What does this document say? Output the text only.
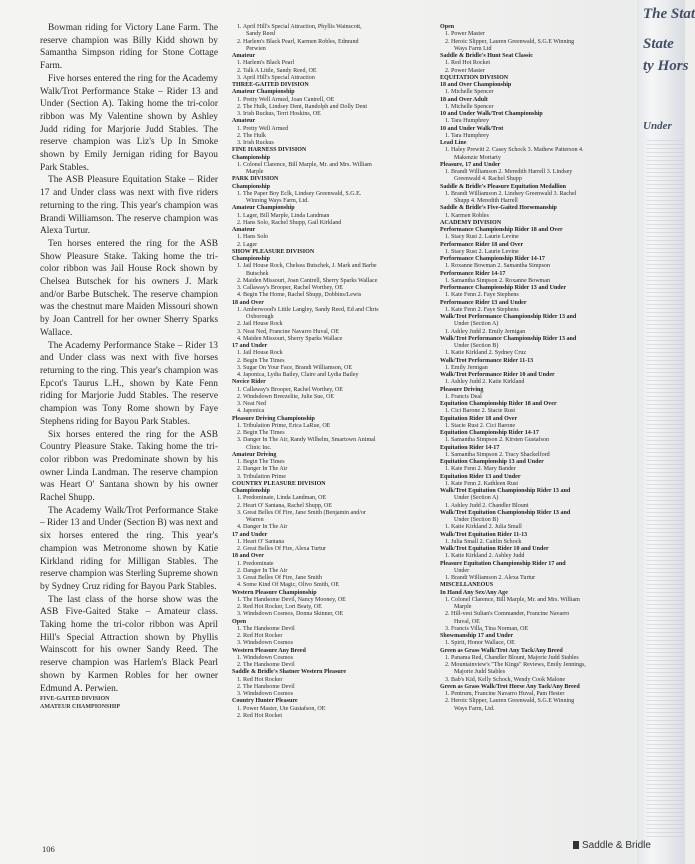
Bowman riding for Victory Lane Farm. The reserve champion was Billy Kidd shown by Samantha Simpson riding for Stone Cottage Farm.

Five horses entered the ring for the Academy Walk/Trot Performance Stake – Rider 13 and Under (Section A). Taking home the tri-color ribbon was My Valentine shown by Ashley Judd riding for Marjorie Judd Stables. The reserve champion was Liz's Up In Smoke shown by Emily Jernigan riding for Bayou Park Stables.

The ASB Pleasure Equitation Stake – Rider 17 and Under class was next with five riders returning to the ring. This year's champion was Brandi Williamson. The reserve champion was Alexa Turtur.

Ten horses entered the ring for the ASB Show Pleasure Stake. Taking home the tri-color ribbon was Jail House Rock shown by Chelsea Butschek for his owners J. Mark and/or Barbe Butschek. The reserve champion was the chestnut mare Maiden Missouri shown by Joan Cantrell for her owner Sherry Sparks Wallace.

The Academy Performance Stake – Rider 13 and Under class was next with five horses returning to the ring. This year's champion was Epcot's Taurus L.H., shown by Kate Fenn riding for Marjorie Judd Stables. The reserve champion was Tony Rome shown by Faye Stephens riding for Bayou Park Stables.

Six horses entered the ring for the ASB Country Pleasure Stake. Taking home the tri-color ribbon was Predominate shown by his owner Linda Landman. The reserve champion was Heart O' Santana shown by his owner Rachel Shupp.

The Academy Walk/Trot Performance Stake – Rider 13 and Under (Section B) was next and six horses entered the ring. This year's champion was Metronome shown by Katie Kirkland riding for Milligan Stables. The reserve champion was Sterling Supreme shown by Sydney Cruz riding for Bayou Park Stables.

The last class of the horse show was the ASB Five-Gaited Stake – Amateur class. Taking home the tri-color ribbon was April Hill's Special Attraction shown by Phyllis Wainscott for his owner Sandy Reed. The reserve champion was Harlem's Black Pearl shown by Karmen Robles for her owner Edmund A. Perwien.

FIVE-GAITED DIVISION

AMATEUR CHAMPIONSHIP

1. April Hill's Special Attraction, Phyllis Wainscott,
Sandy Reed
2. Harlem's Black Pearl, Karmen Robles, Edmund
Perwien
Amateur
1. Harlem's Black Pearl
2. Talk A Little, Sandy Reed, OE
3. April Hill's Special Attraction
THREE-GAITED DIVISION
Amateur Championship
1. Pretty Well Armed, Joan Cantrell, OE
2. The Hulk, Lindsey Dent, Randolph and Dolly Dent
3. Irish Ruckus, Terri Hoskins, OE
Amateur
1. Pretty Well Armed
2. The Hulk
3. Irish Ruckus
FINE HARNESS DIVISION
Championship
1. Colonel Clarence, Bill Marple, Mr. and Mrs. William
Marple
PARK DIVISION
Championship
1. The Paper Boy Eclk, Lindsey Greenwald, S.G.E.
Winning Ways Farm, Ltd.
Amateur Championship
1. Lager, Bill Marple, Linda Landman
2. Hans Solo, Rachel Shupp, Gail Kirkland
Amateur
1. Hans Solo
2. Lager
SHOW PLEASURE DIVISION
Championship
1. Jail House Rock, Chelsea Butschek, J. Mark and Barbe
Butschek
2. Maiden Missouri, Joan Cantrell, Sherry Sparks Wallace
3. Callaway's Brooper, Rachel Worthey, OE
4. Begin The Home, Rachel Shupp, Dobbins/Lewis
18 and Over
1. Amberwood's Little Langley, Sandy Reed, Ed and Chris
Oxborough
2. Jail House Rock
3. Neat Ned, Francine Navarro Huval, OE
4. Maiden Missouri, Sherry Sparks Wallace
17 and Under
1. Jail House Rock
2. Begin The Times
3. Sugar On Your Face, Brandi Williamson, OE
4. Japonica, Lydia Bailey, Claire and Lydia Bailey
Novice Rider
1. Callaway's Brooper, Rachel Worthey, OE
2. Windsdown Breezelite, Julie Sue, OE
3. Neat Ned
4. Japonica
Pleasure Driving Championship
1. Tribulation Prime, Erica LaRue, OE
2. Begin The Times
3. Danger In The Air, Randy Wilhelm, Smartown Animal
Clinic Inc.
Amateur Driving
1. Begin The Times
2. Danger In The Air
3. Tribulation Prime
COUNTRY PLEASURE DIVISION
Championship
1. Predominate, Linda Landman, OE
2. Heart O' Santana, Rachel Shupp, OE
3. Great Belles Of Fire, Jane Smith (Benjamin and/or
Warren
4. Danger In The Air
17 and Under
1. Heart O' Santana
2. Great Belles Of Fire, Alexa Turtur
18 and Over
1. Predominate
2. Danger In The Air
3. Great Belles Of Fire, Jane Smith
4. Some Kind Of Magic, Olivo Smith, OE
Western Pleasure Championship
1. The Handsome Devil, Nancy Mooney, OE
2. Red Hot Rocker, Lori Beaty, OE
3. Windsdown Cosmos, Donna Skinner, OE
Open
1. The Handsome Devil
2. Red Hot Rocker
3. Windsdown Cosmos
Western Pleasure Any Breed
1. Windsdown Cosmos
2. The Handsome Devil
Saddle & Bridle's Shatner Western Pleasure
1. Red Hot Rocker
2. The Handsome Devil
3. Windsdown Cosmos
Country Hunter Pleasure
1. Power Master, Ute Gustafson, OE
2. Red Hot Rocket
Open
1. Power Master
2. Heroic Slipper, Lauren Greenwald, S.G.E Winning
Ways Farm Ltd
Saddle & Bridle's Hunt Seat Classic
1. Red Hot Rocket
2. Power Master
EQUITATION DIVISION
18 and Over Championship
1. Michelle Spencer
18 and Over Adult
1. Michelle Spencer
10 and Under Walk/Trot Championship
1. Tara Humphrey
10 and Under Walk/Trot
1. Tara Humphrey
Lead Line
1. Haley Prewitt 2. Casey Schock 3. Mathew Patterson 4.
Makenzie Moriarty
Pleasure, 17 and Under
1. Brandi Williamson 2. Meredith Harrell 3. Lindsey
Greenwald 4. Rachel Shupp
Saddle & Bridle's Pleasure Equitation Medallion
1. Brandi Williamson 2. Lindsey Greenwald 3. Rachel
Shupp 4. Meredith Harrell
Saddle & Bridle's Five-Gaited Horsemanship
1. Karmen Robles
ACADEMY DIVISION
Performance Championship Rider 18 and Over
1. Stacy Rust 2. Laurie Levine
Performance Rider 18 and Over
1. Stacy Rust 2. Laurie Levine
Performance Championship Rider 14-17
1. Roxanne Bowman 2. Samantha Simpson
Performance Rider 14-17
1. Samantha Simpson 2. Roxanne Bowman
Performance Championship Rider 13 and Under
1. Kate Fenn 2. Faye Stephens
Performance Rider 13 and Under
1. Kate Fenn 2. Faye Stephens
Walk/Trot Performance Championship Rider 13 and
Under (Section A)
1. Ashley Judd 2. Emily Jernigan
Walk/Trot Performance Championship Rider 13 and
Under (Section B)
1. Katie Kirkland 2. Sydney Cruz
Walk/Trot Performance Rider 11-13
1. Emily Jernigan
Walk/Trot Performance Rider 10 and Under
1. Ashley Judd 2. Katie Kirkland
Pleasure Driving
1. Francis Deal
Equitation Championship Rider 18 and Over
1. Cici Barone 2. Stacie Rust
Equitation Rider 18 and Over
1. Stacie Rust 2. Cici Barone
Equitation Championship Rider 14-17
1. Samantha Simpson 2. Kirsten Gustafson
Equitation Rider 14-17
1. Samantha Simpson 2. Tracy Shackelford
Equitation Championship 13 and Under
1. Kate Fenn 2. Mary Bander
Equitation Rider 13 and Under
1. Kate Fenn 2. Kathleen Rust
Walk/Trot Equitation Championship Rider 13 and
Under (Section A)
1. Ashley Judd 2. Chandler Blount
Walk/Trot Equitation Championship Rider 13 and
Under (Section B)
1. Katie Kirkland 2. Julia Small
Walk/Trot Equitation Rider 11-13
1. Julia Small 2. Caitlin Schock
Walk/Trot Equitation Rider 10 and Under
1. Katie Kirkland 2. Ashley Judd
Pleasure Equitation Championship Rider 17 and
Under
1. Brandi Williamson 2. Alexa Turtur
MISCELLANEOUS
In Hand Any Sex/Any Age
1. Colonel Clarence, Bill Marple, Mr. and Mrs. William
Marple
2. Hill-vest Sultan's Commander, Francine Navarro
Huval, OE
3. Francis Villa, Tina Norman, OE
Showmanship 17 and Under
1. Spirit, Honor Wallace, OE
Green as Grass Walk/Trot Any Tack/Any Breed
1. Panama Red, Chandler Blount, Majorie Judd Stables
2. Mountainview's "The Kings" Reviews, Emily Jennings,
Majorie Judd Stables
3. Bab's Kid, Kelly Schock, Wendy Cook Malone
Green as Grass Walk/Trot Horse Any Tack/Any Breed
1. Pentrum, Francine Navarro Huval, Pam Hester
2. Heroic Slipper, Lauren Greenwald, S.G.E Winning
Ways Farm, Ltd.
The Stat
State
ty Hors
Under
106	Saddle & Bridle
